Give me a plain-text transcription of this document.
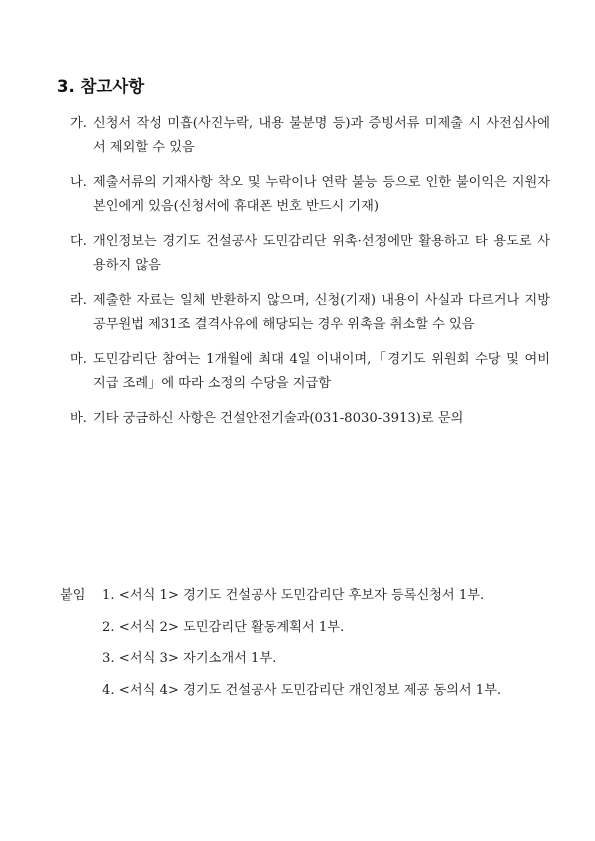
3. 참고사항
가. 신청서 작성 미흡(사진누락, 내용 불분명 등)과 증빙서류 미제출 시 사전심사에서 제외할 수 있음
나. 제출서류의 기재사항 착오 및 누락이나 연락 불능 등으로 인한 불이익은 지원자 본인에게 있음(신청서에 휴대폰 번호 반드시 기재)
다. 개인정보는 경기도 건설공사 도민감리단 위촉·선정에만 활용하고 타 용도로 사용하지 않음
라. 제출한 자료는 일체 반환하지 않으며, 신청(기재) 내용이 사실과 다르거나 지방공무원법 제31조 결격사유에 해당되는 경우 위촉을 취소할 수 있음
마. 도민감리단 참여는 1개월에 최대 4일 이내이며,「경기도 위원회 수당 및 여비 지급 조례」에 따라 소정의 수당을 지급함
바. 기타 궁금하신 사항은 건설안전기술과(031-8030-3913)로 문의
붙임	1. <서식 1> 경기도 건설공사 도민감리단 후보자 등록신청서 1부.
2. <서식 2> 도민감리단 활동계획서 1부.
3. <서식 3> 자기소개서 1부.
4. <서식 4> 경기도 건설공사 도민감리단 개인정보 제공 동의서 1부.
